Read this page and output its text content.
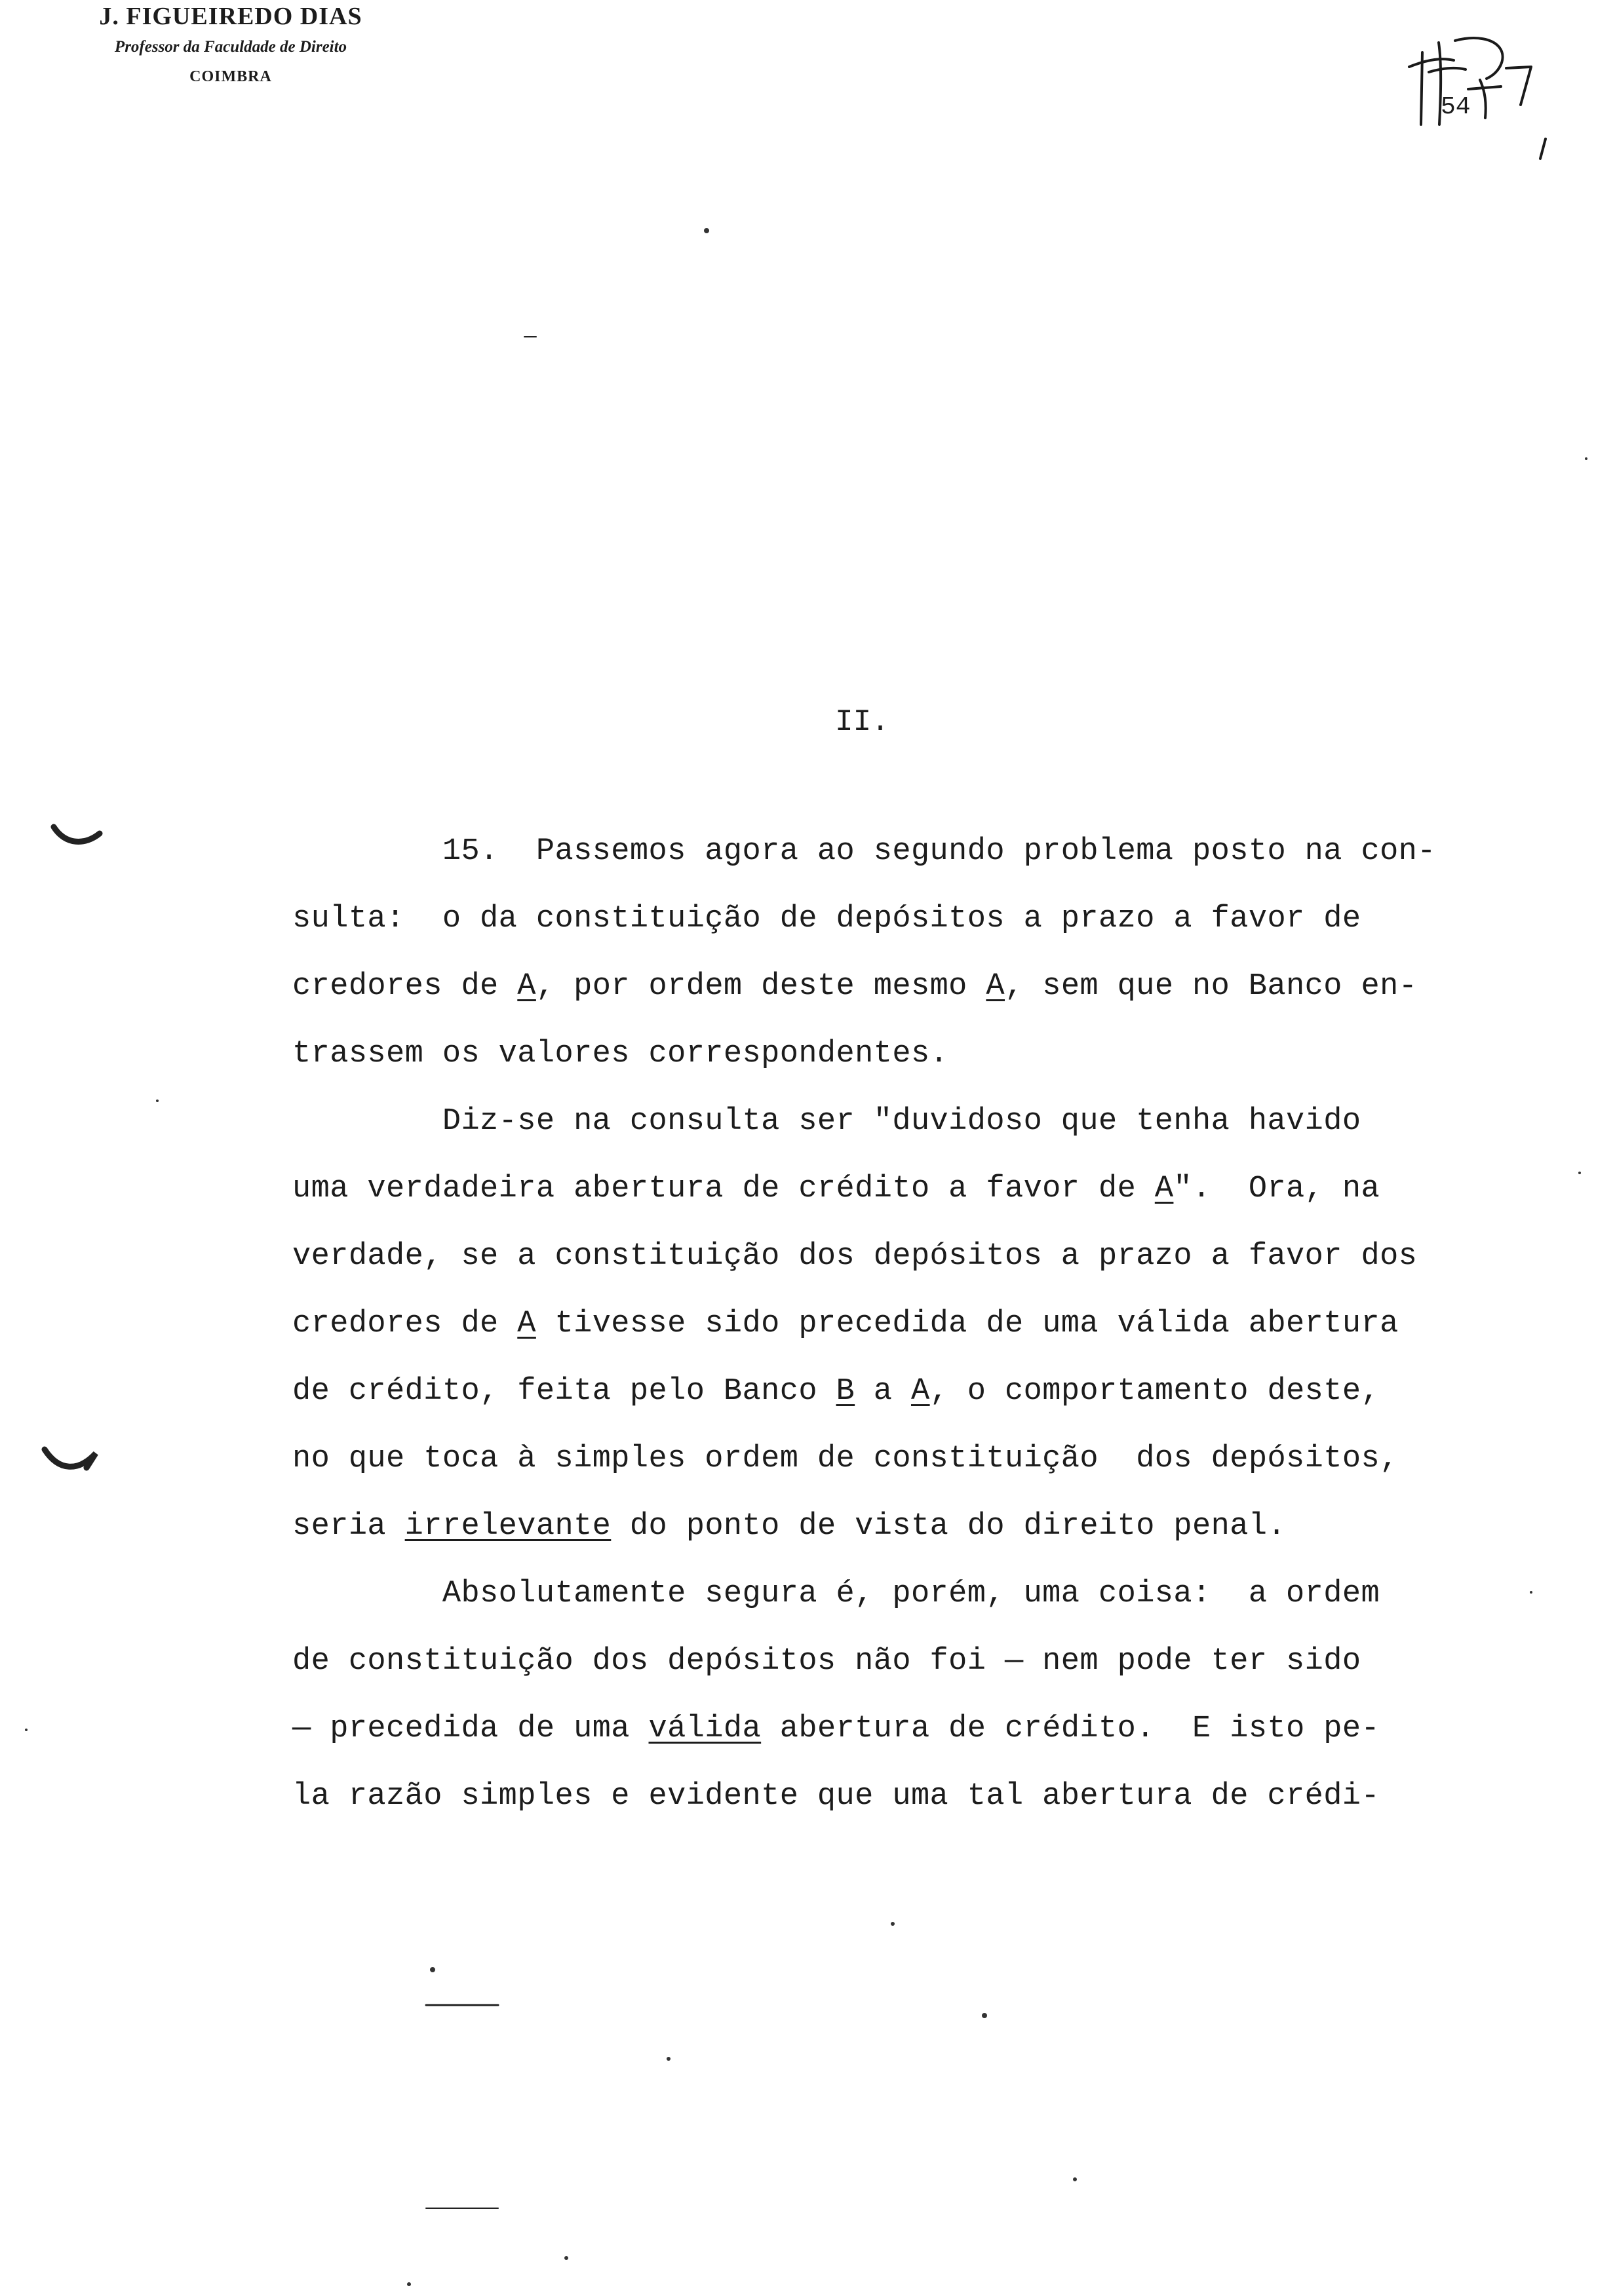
J. FIGUEIREDO DIAS

Professor da Faculdade de Direito

COIMBRA

54
II.
15.  Passemos agora ao segundo problema posto na con-
sulta:  o da constituição de depósitos a prazo a favor de
credores de A, por ordem deste mesmo A, sem que no Banco en-
trassem os valores correspondentes.
Diz-se na consulta ser "duvidoso que tenha havido
uma verdadeira abertura de crédito a favor de A".  Ora, na
verdade, se a constituição dos depósitos a prazo a favor dos
credores de A tivesse sido precedida de uma válida abertura
de crédito, feita pelo Banco B a A, o comportamento deste,
no que toca à simples ordem de constituição  dos depósitos,
seria irrelevante do ponto de vista do direito penal.
Absolutamente segura é, porém, uma coisa:  a ordem
de constituição dos depósitos não foi — nem pode ter sido
— precedida de uma válida abertura de crédito.  E isto pe-
la razão simples e evidente que uma tal abertura de crédi-
